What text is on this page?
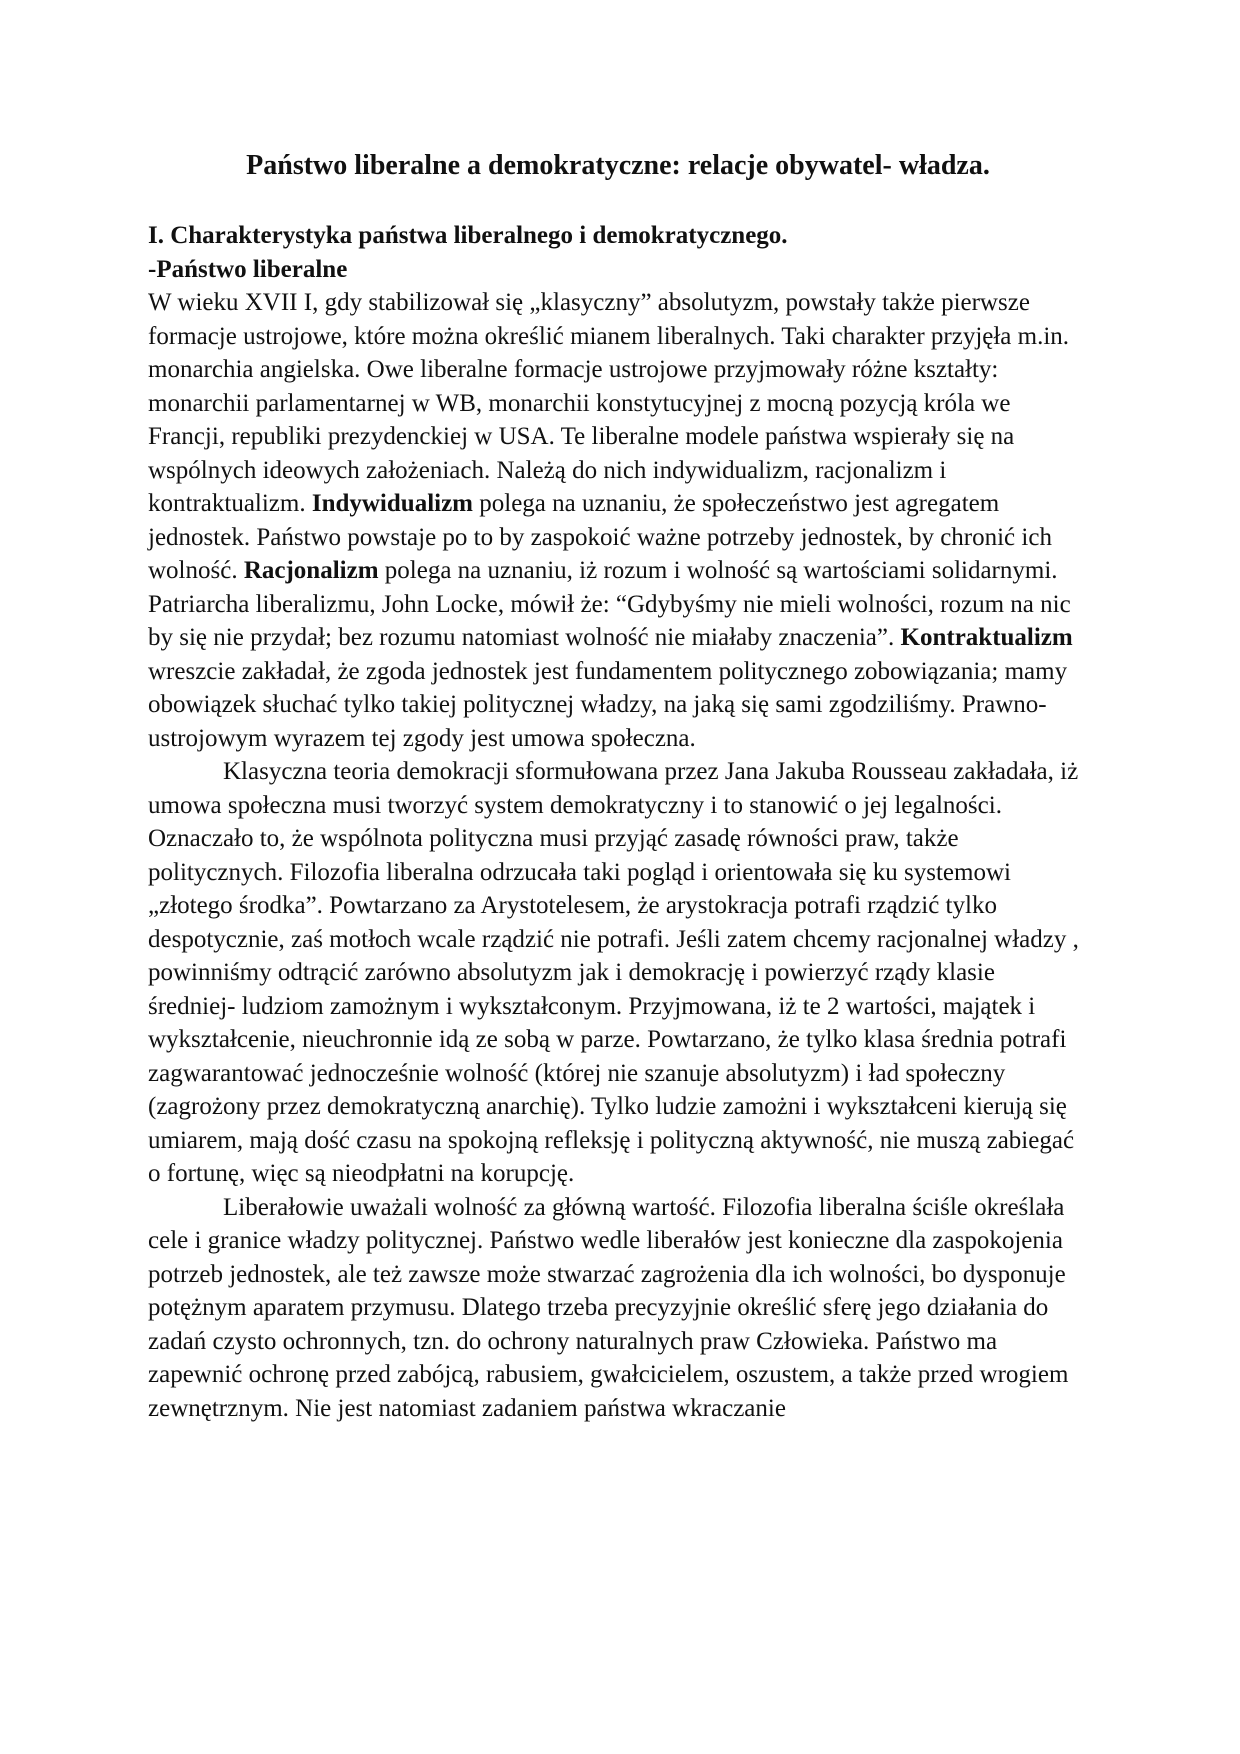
Państwo liberalne a demokratyczne: relacje obywatel- władza.
I. Charakterystyka państwa liberalnego i demokratycznego.
-Państwo liberalne

W wieku XVII I, gdy stabilizował się „klasyczny” absolutyzm, powstały także pierwsze formacje ustrojowe, które można określić mianem liberalnych. Taki charakter przyjęła m.in. monarchia angielska. Owe liberalne formacje ustrojowe przyjmowały różne kształty: monarchii parlamentarnej w WB, monarchii konstytucyjnej z mocną pozycją króla we Francji, republiki prezydenckiej w USA. Te liberalne modele państwa wspierały się na wspólnych ideowych założeniach. Należą do nich indywidualizm, racjonalizm i kontraktualizm. Indywidualizm polega na uznaniu, że społeczeństwo jest agregatem jednostek. Państwo powstaje po to by zaspokoić ważne potrzeby jednostek, by chronić ich wolność. Racjonalizm polega na uznaniu, iż rozum i wolność są wartościami solidarnymi. Patriarcha liberalizmu, John Locke, mówił że: “Gdybyśmy nie mieli wolności, rozum na nic by się nie przydał; bez rozumu natomiast wolność nie miałaby znaczenia”. Kontraktualizm wreszcie zakładał, że zgoda jednostek jest fundamentem politycznego zobowiązania; mamy obowiązek słuchać tylko takiej politycznej władzy, na jaką się sami zgodziliśmy. Prawno- ustrojowym wyrazem tej zgody jest umowa społeczna.

Klasyczna teoria demokracji sformułowana przez Jana Jakuba Rousseau zakładała, iż umowa społeczna musi tworzyć system demokratyczny i to stanowić o jej legalności. Oznaczało to, że wspólnota polityczna musi przyjąć zasadę równości praw, także politycznych. Filozofia liberalna odrzucała taki pogląd i orientowała się ku systemowi „złotego środka”. Powtarzano za Arystotelesem, że arystokracja potrafi rządzić tylko despotycznie, zaś motłoch wcale rządzić nie potrafi. Jeśli zatem chcemy racjonalnej władzy , powinniśmy odtrącić zarówno absolutyzm jak i demokrację i powierzyć rządy klasie średniej- ludziom zamożnym i wykształconym. Przyjmowana, iż te 2 wartości, majątek i wykształcenie, nieuchronnie idą ze sobą w parze. Powtarzano, że tylko klasa średnia potrafi zagwarantować jednocześnie wolność (której nie szanuje absolutyzm) i ład społeczny (zagrożony przez demokratyczną anarchię). Tylko ludzie zamożni i wykształceni kierują się umiarem, mają dość czasu na spokojną refleksję i polityczną aktywność, nie muszą zabiegać o fortunę, więc są nieodpłatni na korupcję.

Liberałowie uważali wolność za główną wartość. Filozofia liberalna ściśle określała cele i granice władzy politycznej. Państwo wedle liberałów jest konieczne dla zaspokojenia potrzeb jednostek, ale też zawsze może stwarzać zagrożenia dla ich wolności, bo dysponuje potężnym aparatem przymusu. Dlatego trzeba precyzyjnie określić sferę jego działania do zadań czysto ochronnych, tzn. do ochrony naturalnych praw Człowieka. Państwo ma zapewnić ochronę przed zabójcą, rabusiem, gwałcicielem, oszustem, a także przed wrogiem zewnętrznym. Nie jest natomiast zadaniem państwa wkraczanie
